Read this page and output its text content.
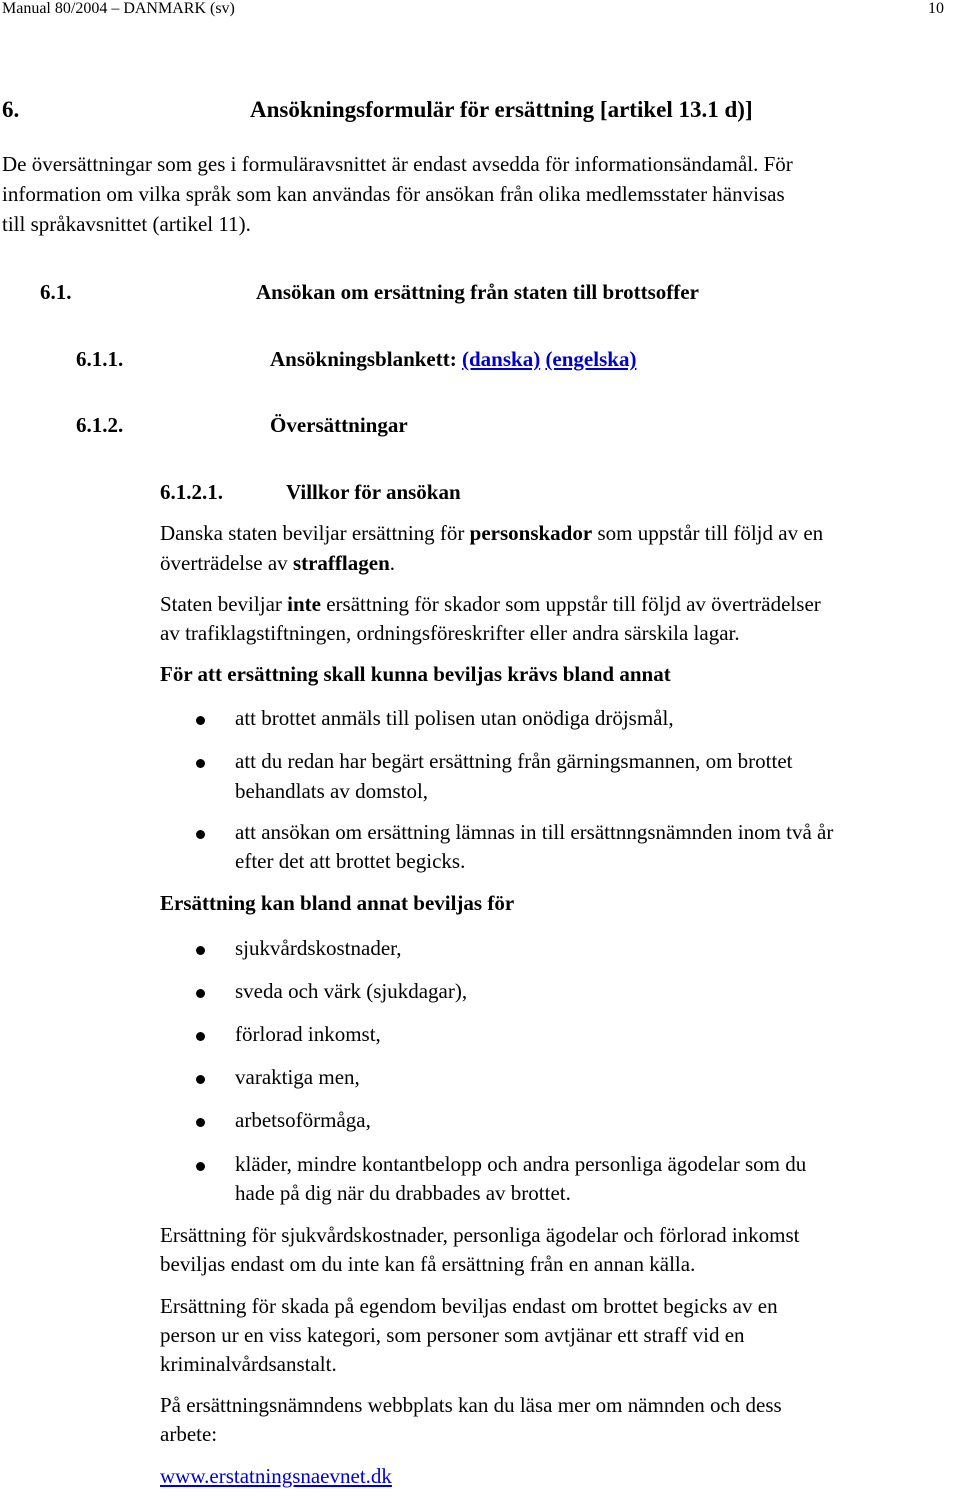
Manual 80/2004 – DANMARK (sv)	10
6.	Ansökningsformulär för ersättning [artikel 13.1 d)]
De översättningar som ges i formuläravsnittet är endast avsedda för informationsändamål. För
information om vilka språk som kan användas för ansökan från olika medlemsstater hänvisas
till språkavsnittet (artikel 11).
6.1.	Ansökan om ersättning från staten till brottsoffer
6.1.1.	Ansökningsblankett: (danska) (engelska)
6.1.2.	Översättningar
6.1.2.1.	Villkor för ansökan
Danska staten beviljar ersättning för personskador som uppstår till följd av en
överträdelse av strafflagen.
Staten beviljar inte ersättning för skador som uppstår till följd av överträdelser
av trafiklagstiftningen, ordningsföreskrifter eller andra särskila lagar.
För att ersättning skall kunna beviljas krävs bland annat
att brottet anmäls till polisen utan onödiga dröjsmål,
att du redan har begärt ersättning från gärningsmannen, om brottet
behandlats av domstol,
att ansökan om ersättning lämnas in till ersättnngsnämnden inom två år
efter det att brottet begicks.
Ersättning kan bland annat beviljas för
sjukvårdskostnader,
sveda och värk (sjukdagar),
förlorad inkomst,
varaktiga men,
arbetsoförmåga,
kläder, mindre kontantbelopp och andra personliga ägodelar som du
hade på dig när du drabbades av brottet.
Ersättning för sjukvårdskostnader, personliga ägodelar och förlorad inkomst
beviljas endast om du inte kan få ersättning från en annan källa.
Ersättning för skada på egendom beviljas endast om brottet begicks av en
person ur en viss kategori, som personer som avtjänar ett straff vid en
kriminalvårdsanstalt.
På ersättningsnämndens webbplats kan du läsa mer om nämnden och dess
arbete:
www.erstatningsnaevnet.dk
